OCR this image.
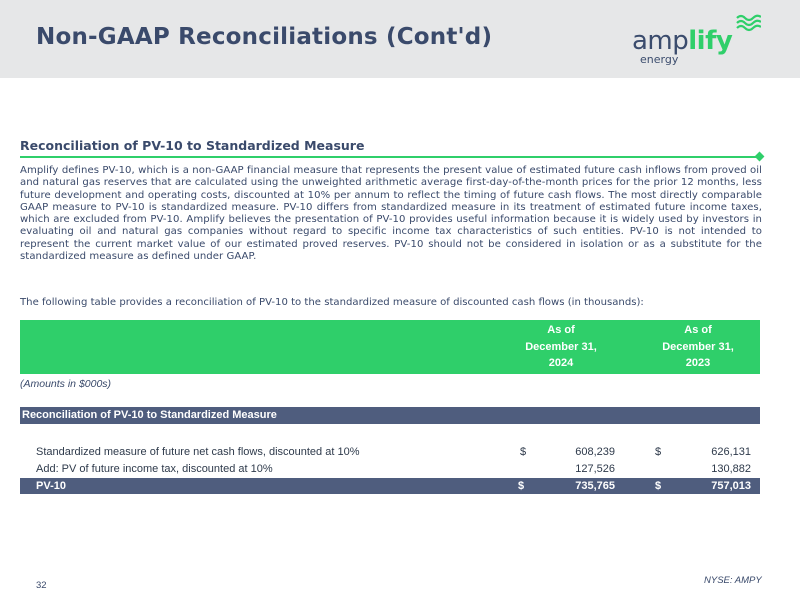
Non-GAAP Reconciliations (Cont'd)	amplify
energy
Reconciliation of PV-10 to Standardized Measure
Amplify defines PV-10, which is a non-GAAP financial measure that represents the present value of estimated future cash inflows from proved oil and natural gas reserves that are calculated using the unweighted arithmetic average first-day-of-the-month prices for the prior 12 months, less future development and operating costs, discounted at 10% per annum to reflect the timing of future cash flows. The most directly comparable GAAP measure to PV-10 is standardized measure. PV-10 differs from standardized measure in its treatment of estimated future income taxes, which are excluded from PV-10. Amplify believes the presentation of PV-10 provides useful information because it is widely used by investors in evaluating oil and natural gas companies without regard to specific income tax characteristics of such entities. PV-10 is not intended to represent the current market value of our estimated proved reserves. PV-10 should not be considered in isolation or as a substitute for the standardized measure as defined under GAAP.
The following table provides a reconciliation of PV-10 to the standardized measure of discounted cash flows (in thousands):
As of
December 31,
2024
As of
December 31,
2023
(Amounts in $000s)
Reconciliation of PV-10 to Standardized Measure
Standardized measure of future net cash flows, discounted at 10%	$	608,239	$	626,131
Add: PV of future income tax, discounted at 10%	127,526	130,882
PV-10	$	735,765	$	757,013
32	NYSE: AMPY
